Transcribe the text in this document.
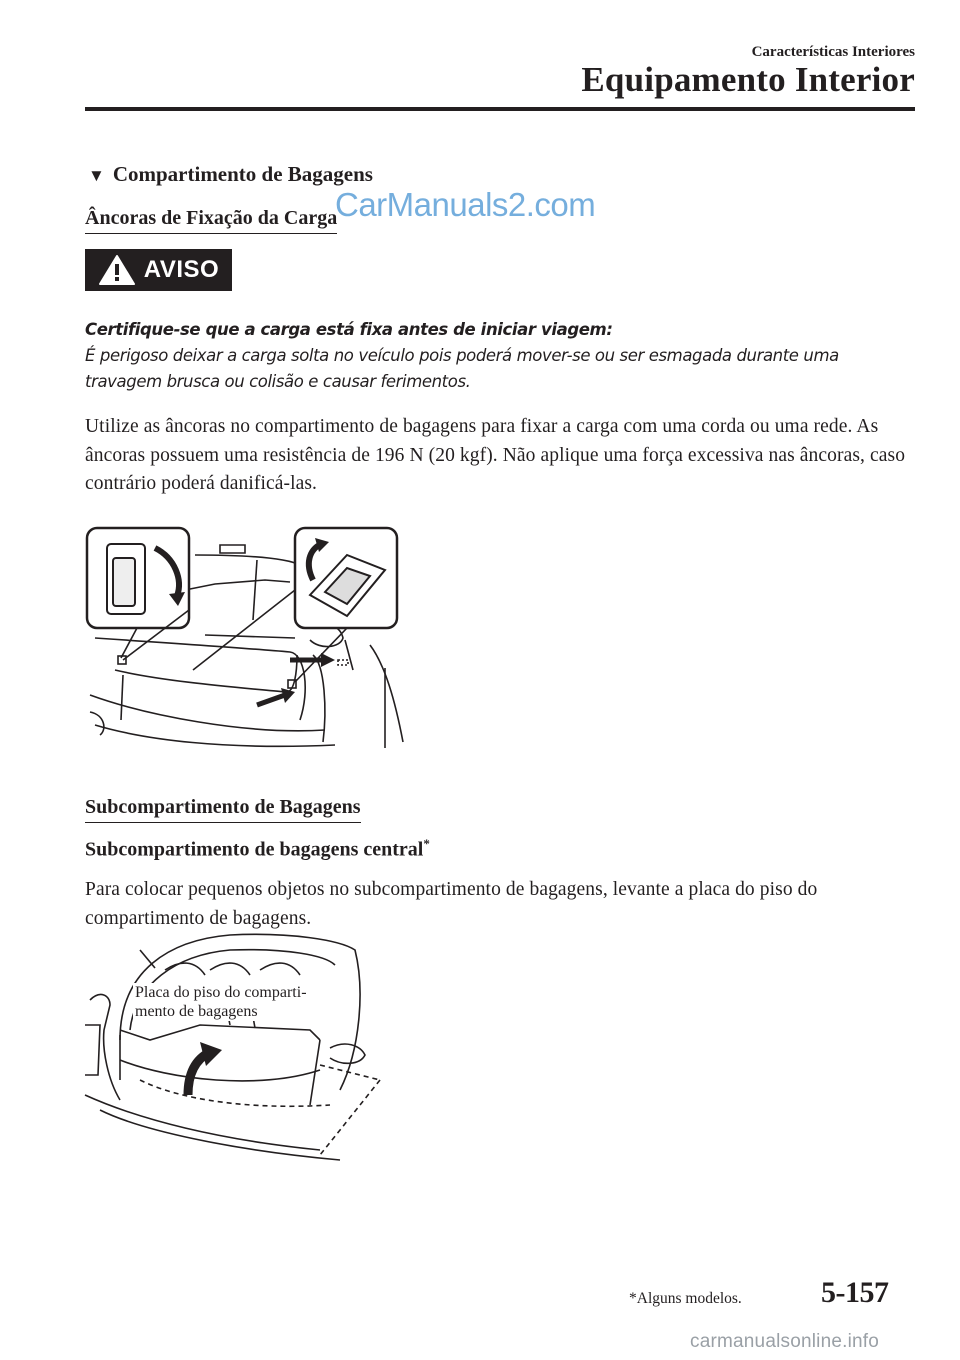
Características Interiores
Equipamento Interior
▼ Compartimento de Bagagens
Âncoras de Fixação da Carga
CarManuals2.com
AVISO
Certifique-se que a carga está fixa antes de iniciar viagem:
É perigoso deixar a carga solta no veículo pois poderá mover-se ou ser esmagada durante uma travagem brusca ou colisão e causar ferimentos.
Utilize as âncoras no compartimento de bagagens para fixar a carga com uma corda ou uma rede. As âncoras possuem uma resistência de 196 N (20 kgf). Não aplique uma força excessiva nas âncoras, caso contrário poderá danificá-las.
Subcompartimento de Bagagens
Subcompartimento de bagagens central*
Para colocar pequenos objetos no subcompartimento de bagagens, levante a placa do piso do compartimento de bagagens.
Placa do piso do comparti-
mento de bagagens
*Alguns modelos.	5-157
carmanualsonline.info
